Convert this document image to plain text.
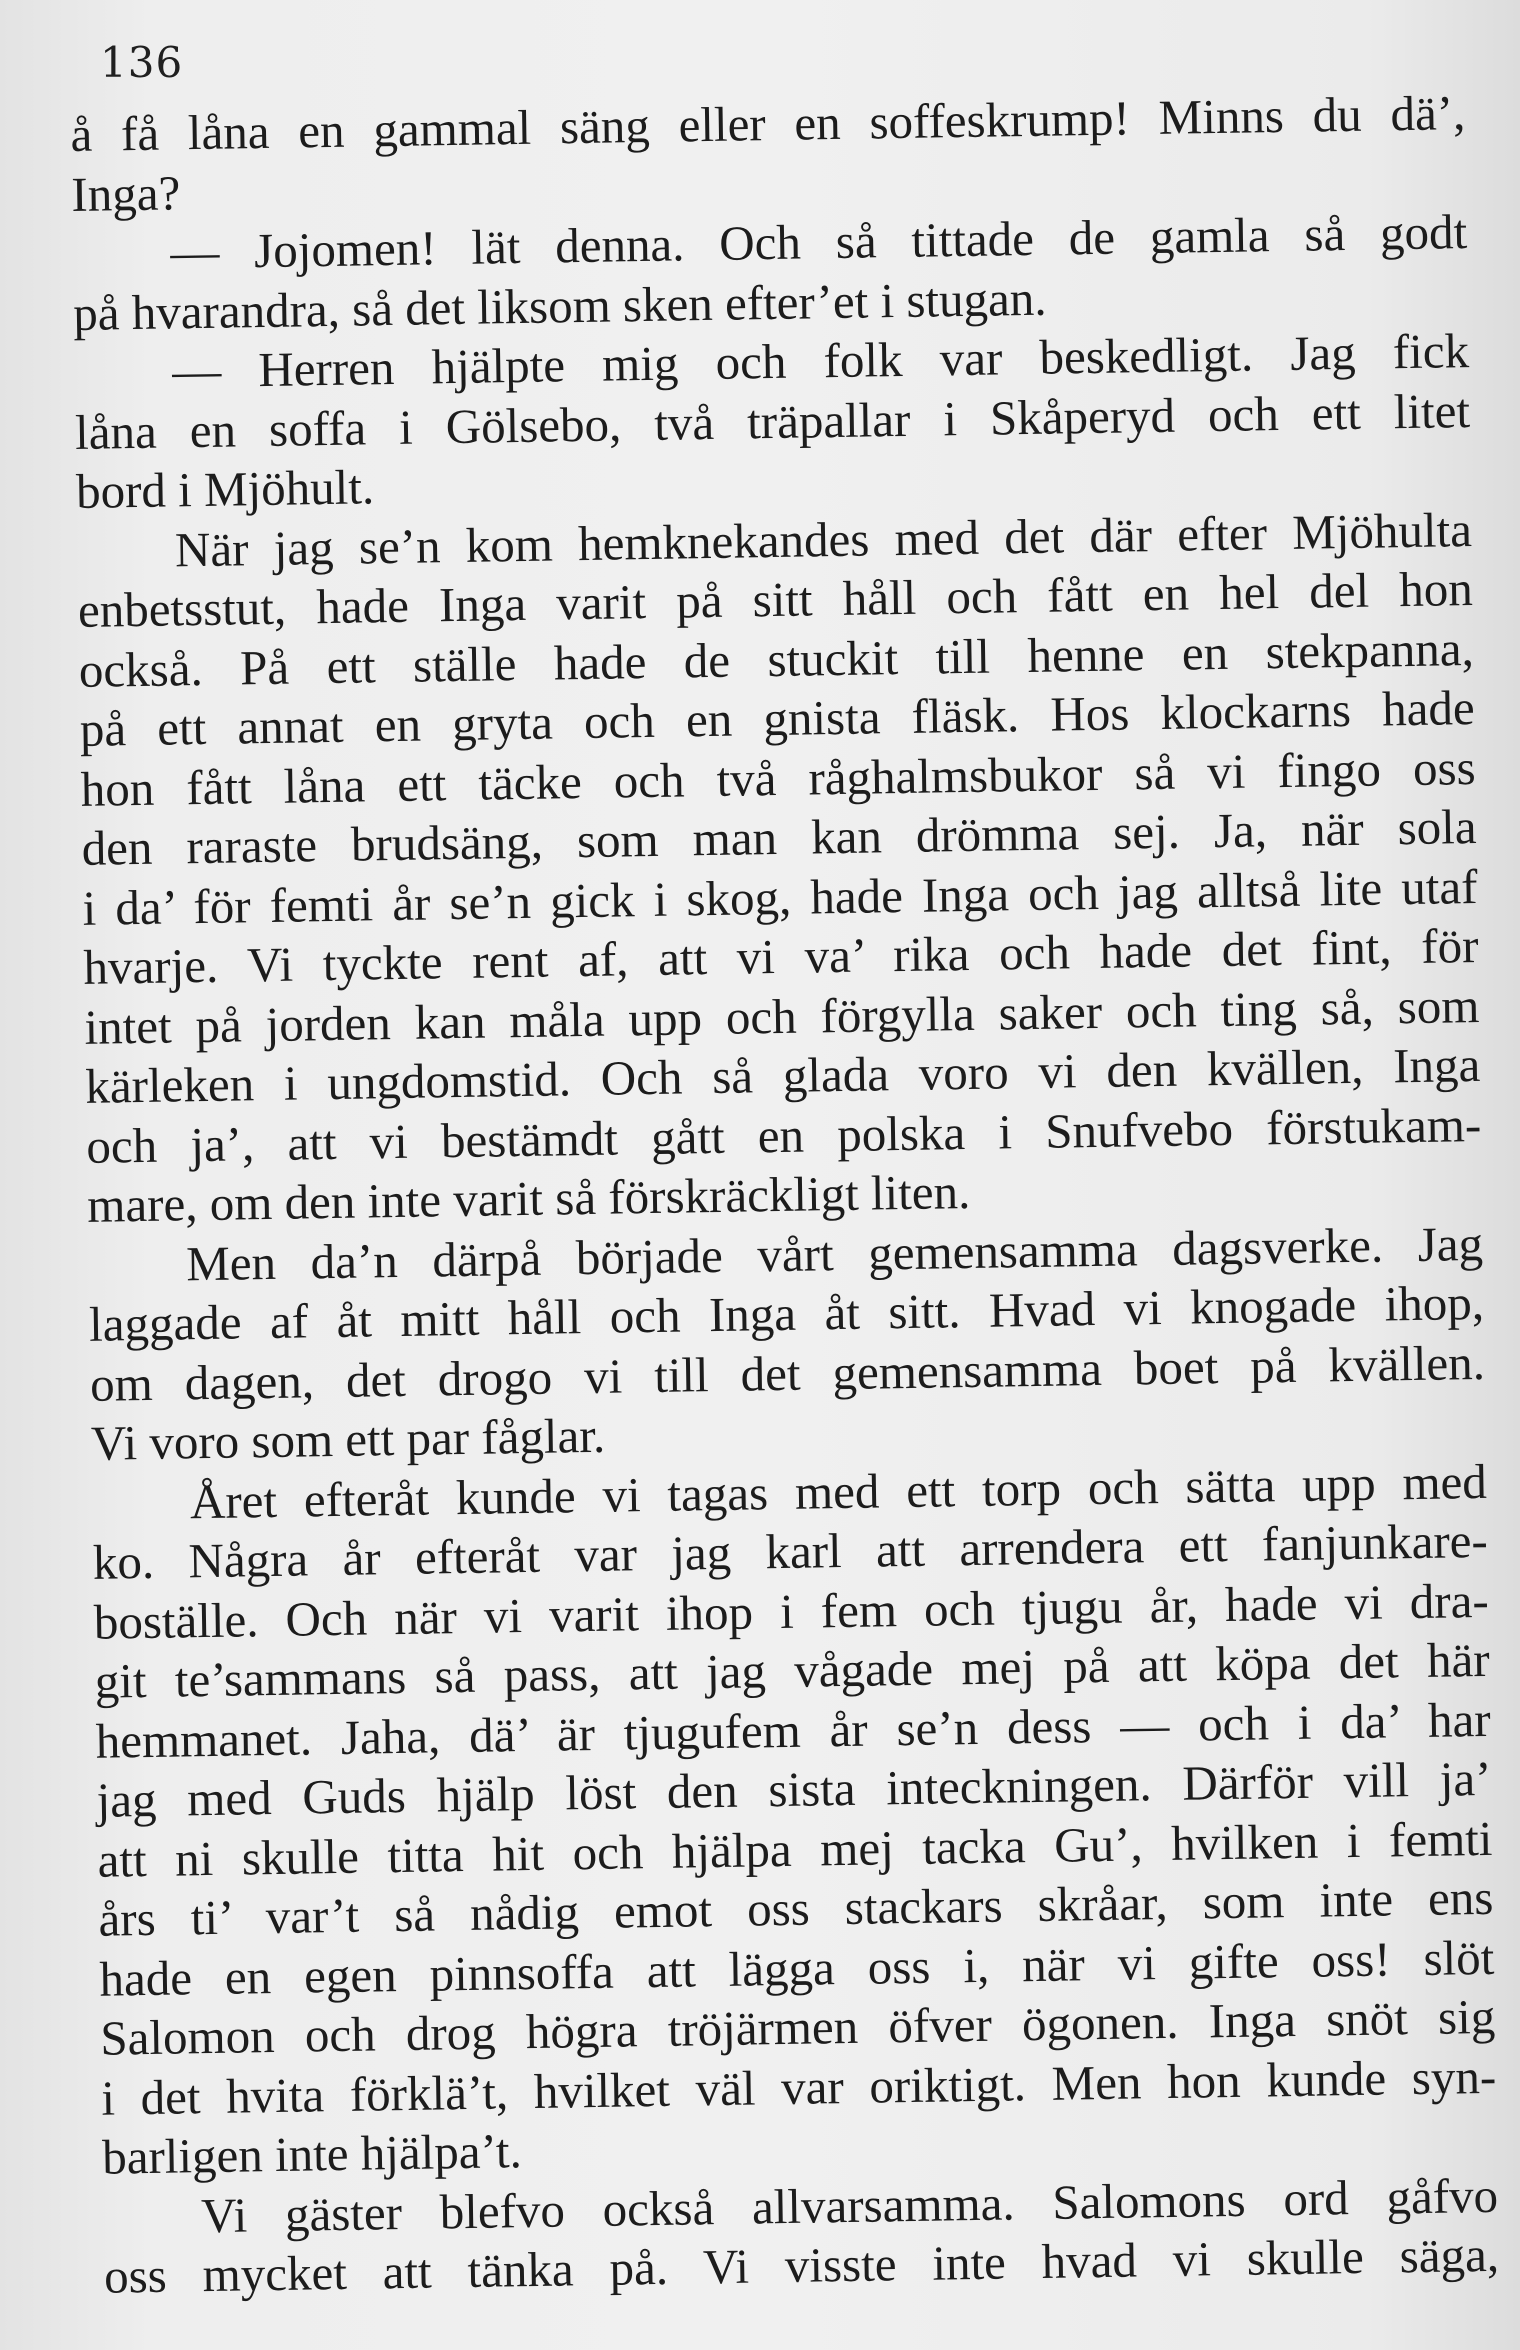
136
å få låna en gammal säng eller en soffeskrump! Minns du dä’,
Inga?
— Jojomen! lät denna. Och så tittade de gamla så godt
på hvarandra, så det liksom sken efter’et i stugan.
— Herren hjälpte mig och folk var beskedligt. Jag fick
låna en soffa i Gölsebo, två träpallar i Skåperyd och ett litet
bord i Mjöhult.
När jag se’n kom hemknekandes med det där efter Mjöhulta
enbetsstut, hade Inga varit på sitt håll och fått en hel del hon
också. På ett ställe hade de stuckit till henne en stekpanna,
på ett annat en gryta och en gnista fläsk. Hos klockarns hade
hon fått låna ett täcke och två råghalmsbukor så vi fingo oss
den raraste brudsäng, som man kan drömma sej. Ja, när sola
i da’ för femti år se’n gick i skog, hade Inga och jag alltså lite utaf
hvarje. Vi tyckte rent af, att vi va’ rika och hade det fint, för
intet på jorden kan måla upp och förgylla saker och ting så, som
kärleken i ungdomstid. Och så glada voro vi den kvällen, Inga
och ja’, att vi bestämdt gått en polska i Snufvebo förstukam-
mare, om den inte varit så förskräckligt liten.
Men da’n därpå började vårt gemensamma dagsverke. Jag
laggade af åt mitt håll och Inga åt sitt. Hvad vi knogade ihop,
om dagen, det drogo vi till det gemensamma boet på kvällen.
Vi voro som ett par fåglar.
Året efteråt kunde vi tagas med ett torp och sätta upp med
ko. Några år efteråt var jag karl att arrendera ett fanjunkare-
boställe. Och när vi varit ihop i fem och tjugu år, hade vi dra-
git te’sammans så pass, att jag vågade mej på att köpa det här
hemmanet. Jaha, dä’ är tjugufem år se’n dess — och i da’ har
jag med Guds hjälp löst den sista inteckningen. Därför vill ja’
att ni skulle titta hit och hjälpa mej tacka Gu’, hvilken i femti
års ti’ var’t så nådig emot oss stackars skråar, som inte ens
hade en egen pinnsoffa att lägga oss i, när vi gifte oss! slöt
Salomon och drog högra tröjärmen öfver ögonen. Inga snöt sig
i det hvita förklä’t, hvilket väl var oriktigt. Men hon kunde syn-
barligen inte hjälpa’t.
Vi gäster blefvo också allvarsamma. Salomons ord gåfvo
oss mycket att tänka på. Vi visste inte hvad vi skulle säga,
